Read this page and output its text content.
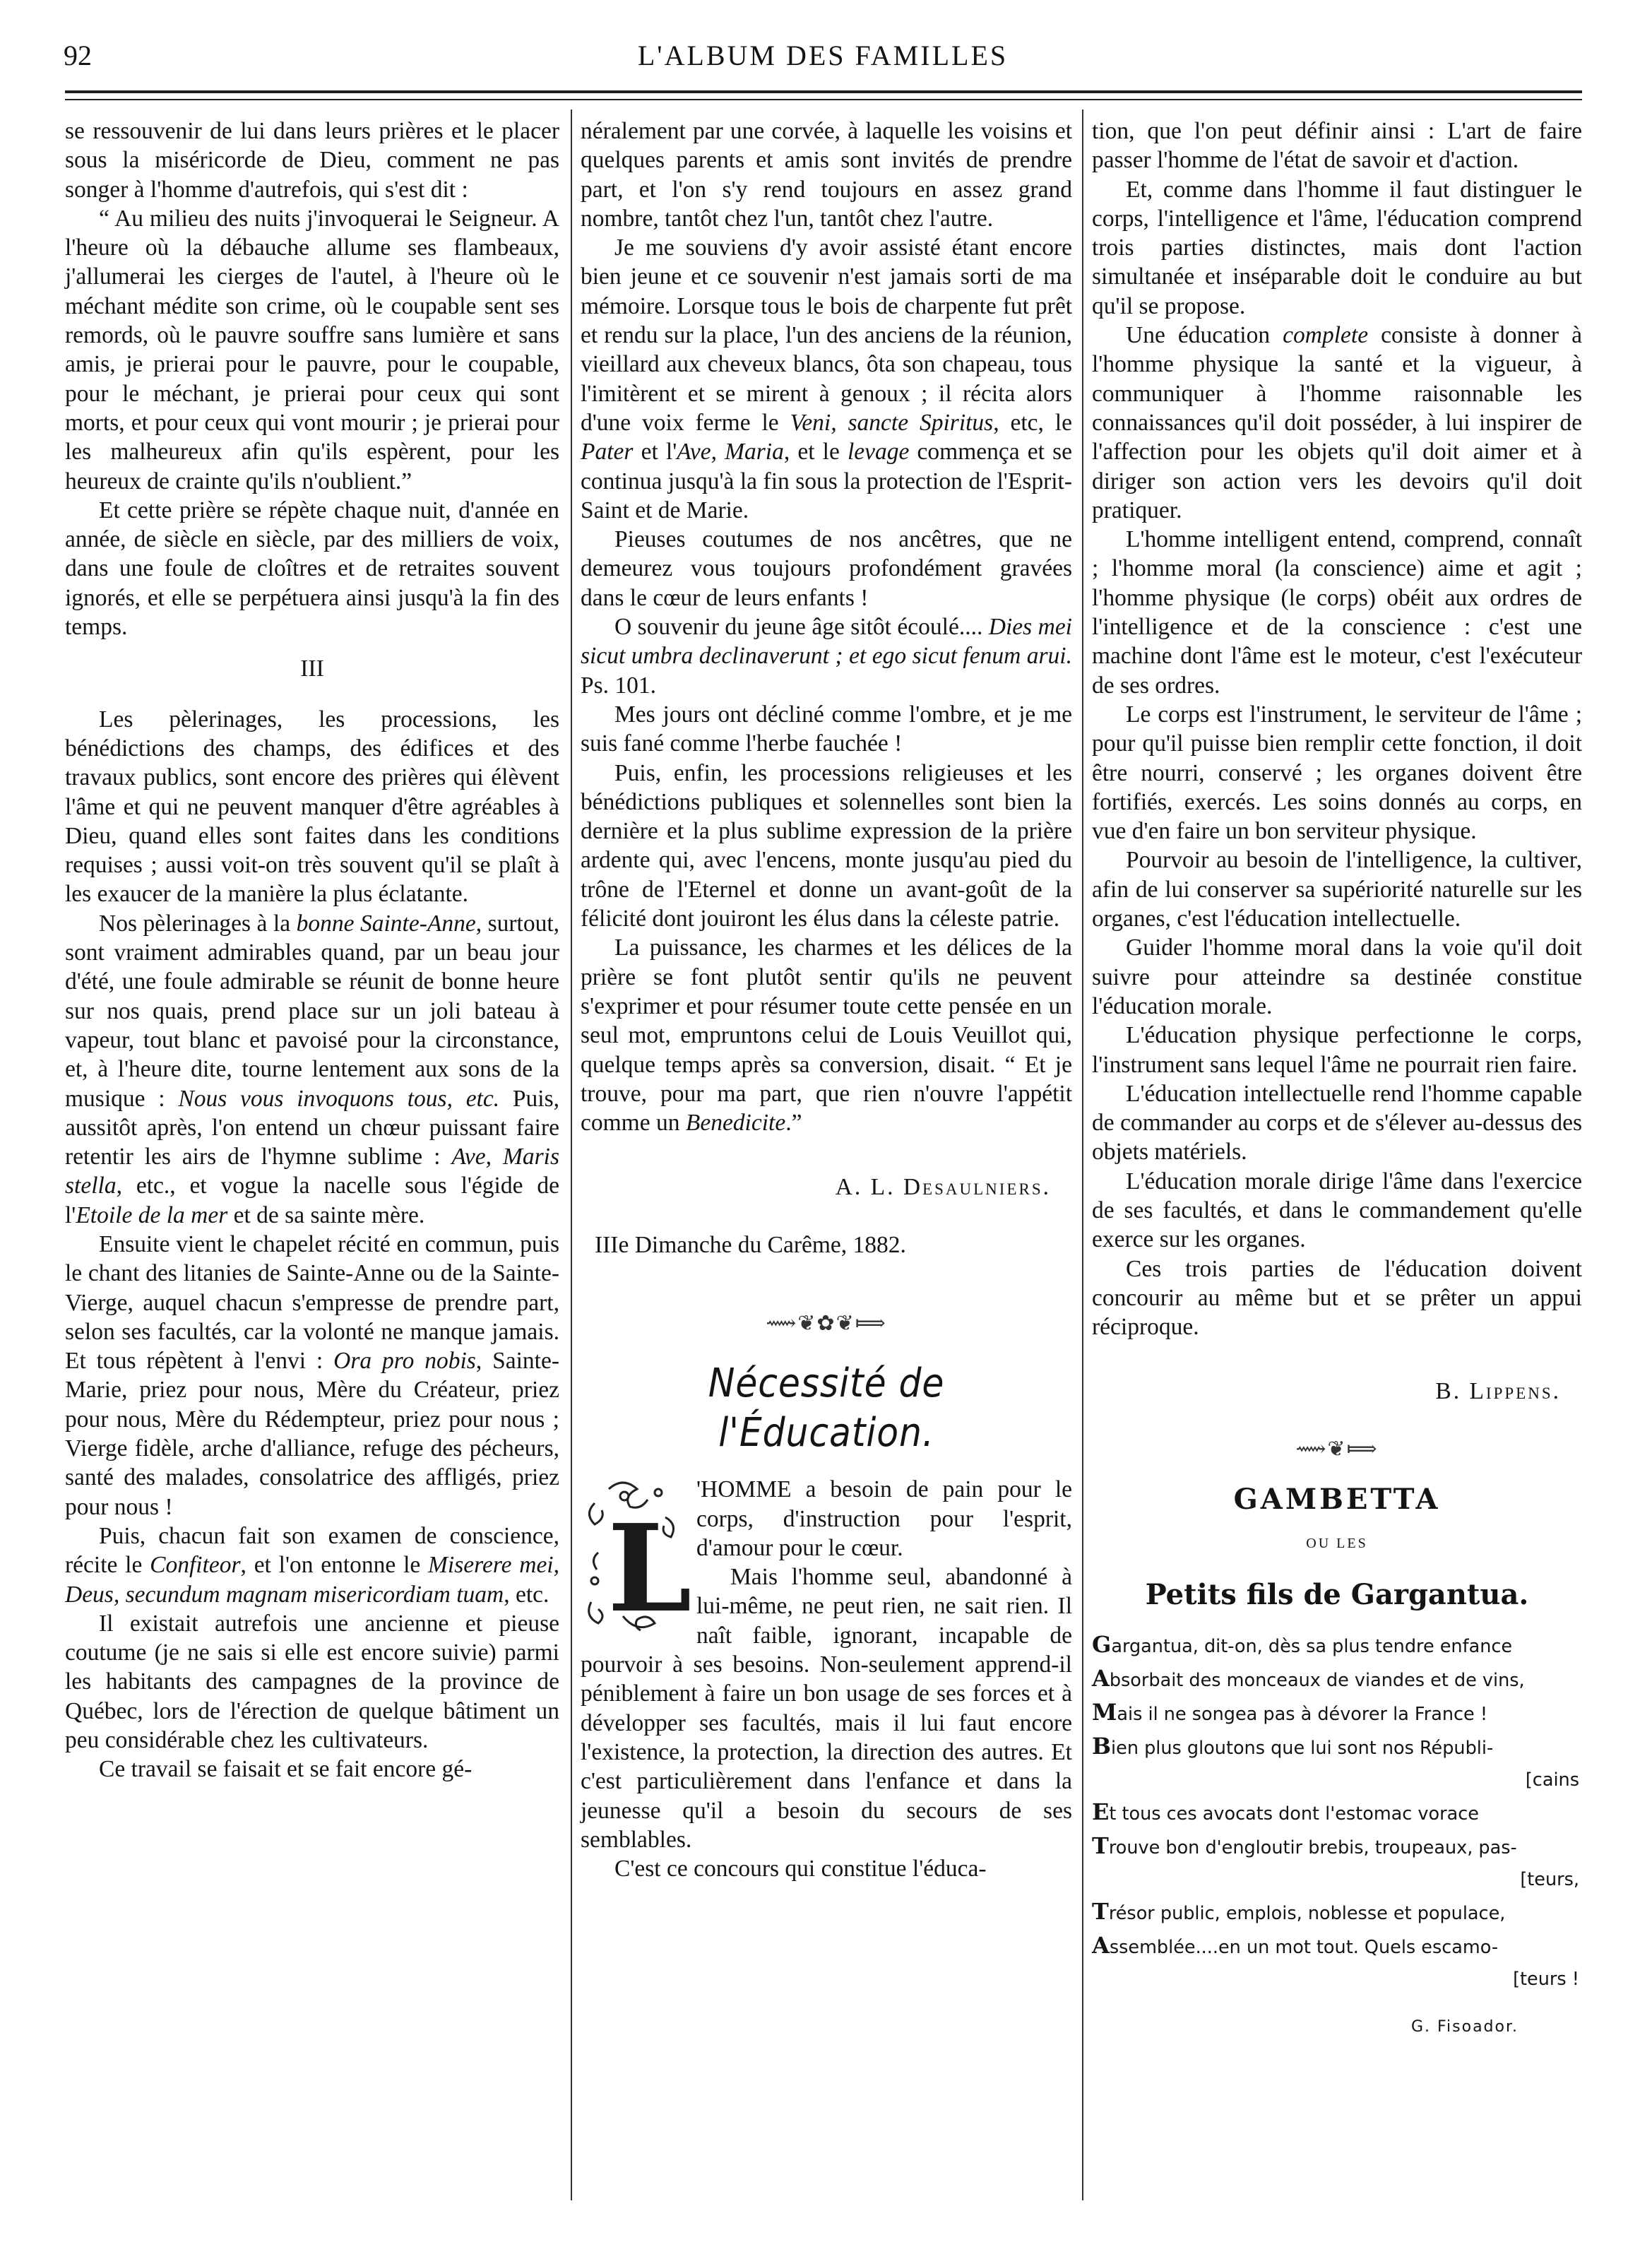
92	L'ALBUM DES FAMILLES

se ressouvenir de lui dans leurs prières et le placer sous la miséricorde de Dieu, comment ne pas songer à l'homme d'autrefois, qui s'est dit :

“ Au milieu des nuits j'invoquerai le Seigneur. A l'heure où la débauche allume ses flambeaux, j'allumerai les cierges de l'autel, à l'heure où le méchant médite son crime, où le coupable sent ses remords, où le pauvre souffre sans lumière et sans amis, je prierai pour le pauvre, pour le coupable, pour le méchant, je prierai pour ceux qui sont morts, et pour ceux qui vont mourir ; je prierai pour les malheureux afin qu'ils espèrent, pour les heureux de crainte qu'ils n'oublient.”

Et cette prière se répète chaque nuit, d'année en année, de siècle en siècle, par des milliers de voix, dans une foule de cloîtres et de retraites souvent ignorés, et elle se perpétuera ainsi jusqu'à la fin des temps.

III

Les pèlerinages, les processions, les bénédictions des champs, des édifices et des travaux publics, sont encore des prières qui élèvent l'âme et qui ne peuvent manquer d'être agréables à Dieu, quand elles sont faites dans les conditions requises ; aussi voit-on très souvent qu'il se plaît à les exaucer de la manière la plus éclatante.

Nos pèlerinages à la bonne Sainte-Anne, surtout, sont vraiment admirables quand, par un beau jour d'été, une foule admirable se réunit de bonne heure sur nos quais, prend place sur un joli bateau à vapeur, tout blanc et pavoisé pour la circonstance, et, à l'heure dite, tourne lentement aux sons de la musique : Nous vous invoquons tous, etc. Puis, aussitôt après, l'on entend un chœur puissant faire retentir les airs de l'hymne sublime : Ave, Maris stella, etc., et vogue la nacelle sous l'égide de l'Etoile de la mer et de sa sainte mère.

Ensuite vient le chapelet récité en commun, puis le chant des litanies de Sainte-Anne ou de la Sainte-Vierge, auquel chacun s'empresse de prendre part, selon ses facultés, car la volonté ne manque jamais. Et tous répètent à l'envi : Ora pro nobis, Sainte-Marie, priez pour nous, Mère du Créateur, priez pour nous, Mère du Rédempteur, priez pour nous ; Vierge fidèle, arche d'alliance, refuge des pécheurs, santé des malades, consolatrice des affligés, priez pour nous !

Puis, chacun fait son examen de conscience, récite le Confiteor, et l'on entonne le Miserere mei, Deus, secundum magnam misericordiam tuam, etc.

Il existait autrefois une ancienne et pieuse coutume (je ne sais si elle est encore suivie) parmi les habitants des campagnes de la province de Québec, lors de l'érection de quelque bâtiment un peu considérable chez les cultivateurs.

Ce travail se faisait et se fait encore gé-

néralement par une corvée, à laquelle les voisins et quelques parents et amis sont invités de prendre part, et l'on s'y rend toujours en assez grand nombre, tantôt chez l'un, tantôt chez l'autre.

Je me souviens d'y avoir assisté étant encore bien jeune et ce souvenir n'est jamais sorti de ma mémoire. Lorsque tous le bois de charpente fut prêt et rendu sur la place, l'un des anciens de la réunion, vieillard aux cheveux blancs, ôta son chapeau, tous l'imitèrent et se mirent à genoux ; il récita alors d'une voix ferme le Veni, sancte Spiritus, etc, le Pater et l'Ave, Maria, et le levage commença et se continua jusqu'à la fin sous la protection de l'Esprit-Saint et de Marie.

Pieuses coutumes de nos ancêtres, que ne demeurez vous toujours profondément gravées dans le cœur de leurs enfants !

O souvenir du jeune âge sitôt écoulé.... Dies mei sicut umbra declinaverunt ; et ego sicut fenum arui. Ps. 101.

Mes jours ont décliné comme l'ombre, et je me suis fané comme l'herbe fauchée !

Puis, enfin, les processions religieuses et les bénédictions publiques et solennelles sont bien la dernière et la plus sublime expression de la prière ardente qui, avec l'encens, monte jusqu'au pied du trône de l'Eternel et donne un avant-goût de la félicité dont jouiront les élus dans la céleste patrie.

La puissance, les charmes et les délices de la prière se font plutôt sentir qu'ils ne peuvent s'exprimer et pour résumer toute cette pensée en un seul mot, empruntons celui de Louis Veuillot qui, quelque temps après sa conversion, disait. “ Et je trouve, pour ma part, que rien n'ouvre l'appétit comme un Benedicite.”

A. L. Desaulniers.
IIIe Dimanche du Carême, 1882.
⟿❦✿❦⟾
Nécessité de l'Éducation.
L

'HOMME a besoin de pain pour le corps, d'instruction pour l'esprit, d'amour pour le cœur.

Mais l'homme seul, abandonné à lui-même, ne peut rien, ne sait rien. Il naît faible, ignorant, incapable de pourvoir à ses besoins. Non-seulement apprend-il péniblement à faire un bon usage de ses forces et à développer ses facultés, mais il lui faut encore l'existence, la protection, la direction des autres. Et c'est particulièrement dans l'enfance et dans la jeunesse qu'il a besoin du secours de ses semblables.

C'est ce concours qui constitue l'éduca-

tion, que l'on peut définir ainsi : L'art de faire passer l'homme de l'état de savoir et d'action.

Et, comme dans l'homme il faut distinguer le corps, l'intelligence et l'âme, l'éducation comprend trois parties distinctes, mais dont l'action simultanée et inséparable doit le conduire au but qu'il se propose.

Une éducation complete consiste à donner à l'homme physique la santé et la vigueur, à communiquer à l'homme raisonnable les connaissances qu'il doit posséder, à lui inspirer de l'affection pour les objets qu'il doit aimer et à diriger son action vers les devoirs qu'il doit pratiquer.

L'homme intelligent entend, comprend, connaît ; l'homme moral (la conscience) aime et agit ; l'homme physique (le corps) obéit aux ordres de l'intelligence et de la conscience : c'est une machine dont l'âme est le moteur, c'est l'exécuteur de ses ordres.

Le corps est l'instrument, le serviteur de l'âme ; pour qu'il puisse bien remplir cette fonction, il doit être nourri, conservé ; les organes doivent être fortifiés, exercés. Les soins donnés au corps, en vue d'en faire un bon serviteur physique.

Pourvoir au besoin de l'intelligence, la cultiver, afin de lui conserver sa supériorité naturelle sur les organes, c'est l'éducation intellectuelle.

Guider l'homme moral dans la voie qu'il doit suivre pour atteindre sa destinée constitue l'éducation morale.

L'éducation physique perfectionne le corps, l'instrument sans lequel l'âme ne pourrait rien faire.

L'éducation intellectuelle rend l'homme capable de commander au corps et de s'élever au-dessus des objets matériels.

L'éducation morale dirige l'âme dans l'exercice de ses facultés, et dans le commandement qu'elle exerce sur les organes.

Ces trois parties de l'éducation doivent concourir au même but et se prêter un appui réciproque.

B. Lippens.
⟿❦⟾
GAMBETTA
OU LES
Petits fils de Gargantua.
Gargantua, dit-on, dès sa plus tendre enfance
Absorbait des monceaux de viandes et de vins,
Mais il ne songea pas à dévorer la France !
Bien plus gloutons que lui sont nos Républi-
[cains
Et tous ces avocats dont l'estomac vorace
Trouve bon d'engloutir brebis, troupeaux, pas-
[teurs,
Trésor public, emplois, noblesse et populace,
Assemblée....en un mot tout. Quels escamo-
[teurs !
G. Fisoador.
